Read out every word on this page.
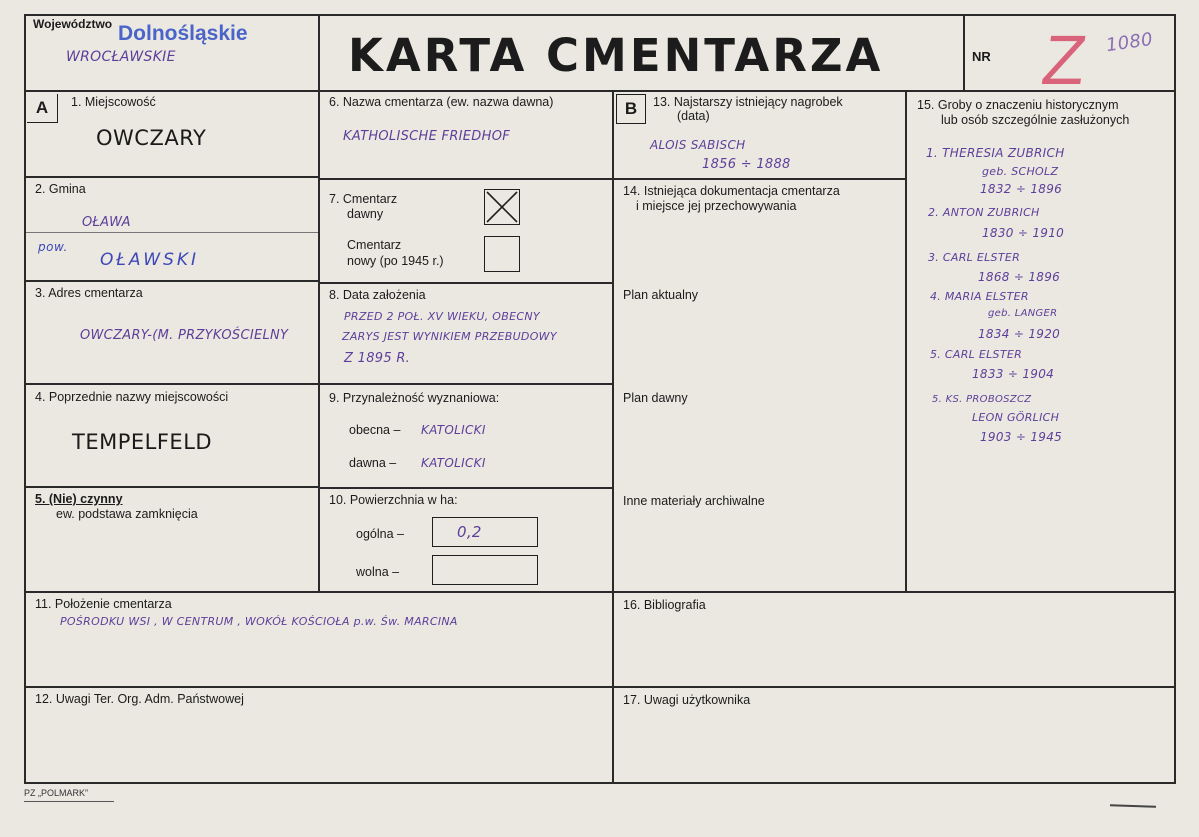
Województwo Dolnośląskie
WROCŁAWSKIE	KARTA CMENTARZA	NR Z 1080
A	1. Miejscowość
OWCZARY
2. Gmina
OŁAWA
pow.
OŁAWSKI
3. Adres cmentarza
OWCZARY-(M. PRZYKOŚCIELNY
4. Poprzednie nazwy miejscowości
TEMPELFELD
5. (Nie) czynny
ew. podstawa zamknięcia
6. Nazwa cmentarza (ew. nazwa dawna)
KATHOLISCHE FRIEDHOF
7. Cmentarz
dawny
Cmentarz
nowy (po 1945 r.)
8. Data założenia
PRZED 2 POŁ. XV WIEKU, OBECNY
ZARYS JEST WYNIKIEM PRZEBUDOWY
Z 1895 R.
9. Przynależność wyznaniowa:
obecna – KATOLICKI
dawna – KATOLICKI
10. Powierzchnia w ha:
ogólna –	0,2
wolna –
B	13. Najstarszy istniejący nagrobek
(data)
ALOIS SABISCH
1856 ÷ 1888
14. Istniejąca dokumentacja cmentarza
i miejsce jej przechowywania
Plan aktualny
Plan dawny
Inne materiały archiwalne
15. Groby o znaczeniu historycznym
lub osób szczególnie zasłużonych
1. THERESIA ZUBRICH
geb. SCHOLZ
1832 ÷ 1896
2. ANTON ZUBRICH
1830 ÷ 1910
3. CARL ELSTER
1868 ÷ 1896
4. MARIA ELSTER
geb. LANGER
1834 ÷ 1920
5. CARL ELSTER
1833 ÷ 1904
5. KS. PROBOSZCZ
LEON GÖRLICH
1903 ÷ 1945
11. Położenie cmentarza
POŚRODKU WSI , W CENTRUM , WOKÓŁ KOŚCIOŁA p.w. Św. MARCINA
16. Bibliografia
12. Uwagi Ter. Org. Adm. Państwowej	17. Uwagi użytkownika
PZ „POLMARK”
